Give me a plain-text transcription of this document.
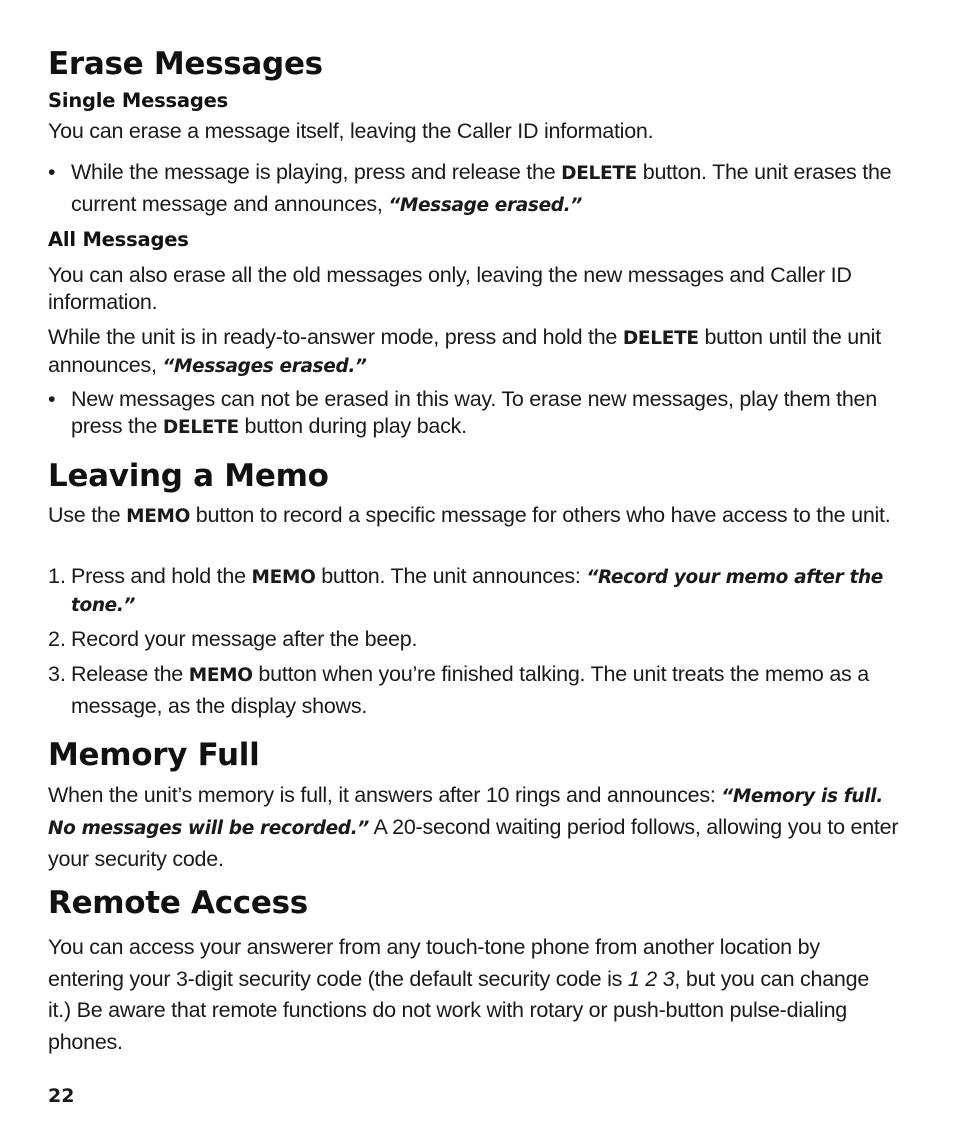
Erase Messages
Single Messages

You can erase a message itself, leaving the Caller ID information.

• While the message is playing, press and release the DELETE button. The unit erases the current message and announces, “Message erased.”

All Messages

You can also erase all the old messages only, leaving the new messages and Caller ID information.

While the unit is in ready-to-answer mode, press and hold the DELETE button until the unit announces, “Messages erased.”

• New messages can not be erased in this way. To erase new messages, play them then press the DELETE button during play back.

Leaving a Memo

Use the MEMO button to record a specific message for others who have access to the unit.

1. Press and hold the MEMO button. The unit announces: “Record your memo after the tone.”

2. Record your message after the beep.

3. Release the MEMO button when you’re finished talking. The unit treats the memo as a message, as the display shows.

Memory Full

When the unit’s memory is full, it answers after 10 rings and announces: “Memory is full. No messages will be recorded.” A 20-second waiting period follows, allowing you to enter your security code.

Remote Access

You can access your answerer from any touch-tone phone from another location by entering your 3-digit security code (the default security code is 1 2 3, but you can change it.) Be aware that remote functions do not work with rotary or push-button pulse-dialing phones.

22
